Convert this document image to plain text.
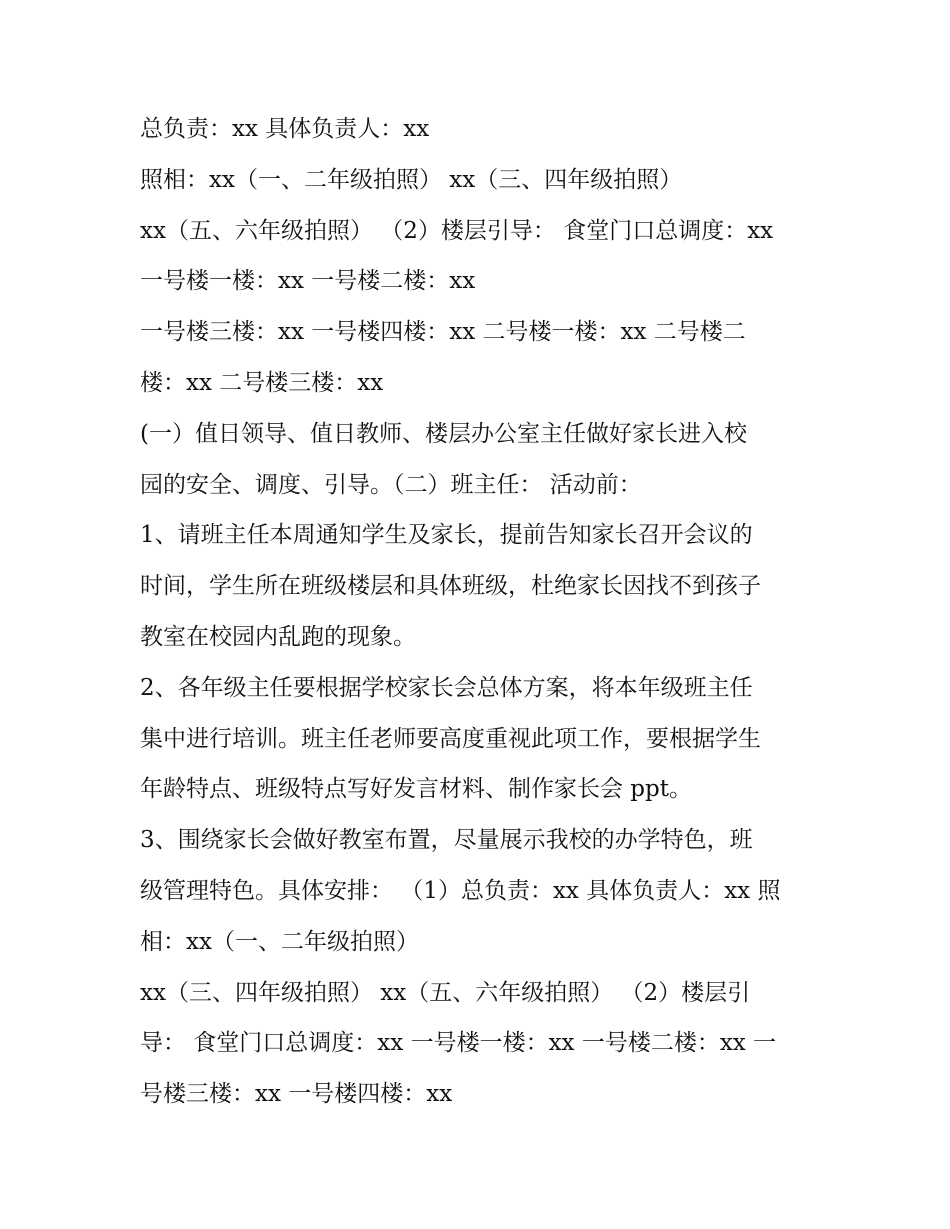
总负责：xx 具体负责人：xx
照相：xx（一、二年级拍照） xx（三、四年级拍照）
xx（五、六年级拍照） （2）楼层引导： 食堂门口总调度：xx
一号楼一楼：xx 一号楼二楼：xx
一号楼三楼：xx 一号楼四楼：xx 二号楼一楼：xx 二号楼二
楼：xx 二号楼三楼：xx
(一）值日领导、值日教师、楼层办公室主任做好家长进入校
园的安全、调度、引导。（二）班主任： 活动前：
1、请班主任本周通知学生及家长，提前告知家长召开会议的
时间，学生所在班级楼层和具体班级，杜绝家长因找不到孩子
教室在校园内乱跑的现象。
2、各年级主任要根据学校家长会总体方案，将本年级班主任
集中进行培训。班主任老师要高度重视此项工作，要根据学生
年龄特点、班级特点写好发言材料、制作家长会 ppt。
3、围绕家长会做好教室布置，尽量展示我校的办学特色，班
级管理特色。具体安排： （1）总负责：xx 具体负责人：xx 照
相：xx（一、二年级拍照）
xx（三、四年级拍照） xx（五、六年级拍照） （2）楼层引
导： 食堂门口总调度：xx 一号楼一楼：xx 一号楼二楼：xx 一
号楼三楼：xx 一号楼四楼：xx
